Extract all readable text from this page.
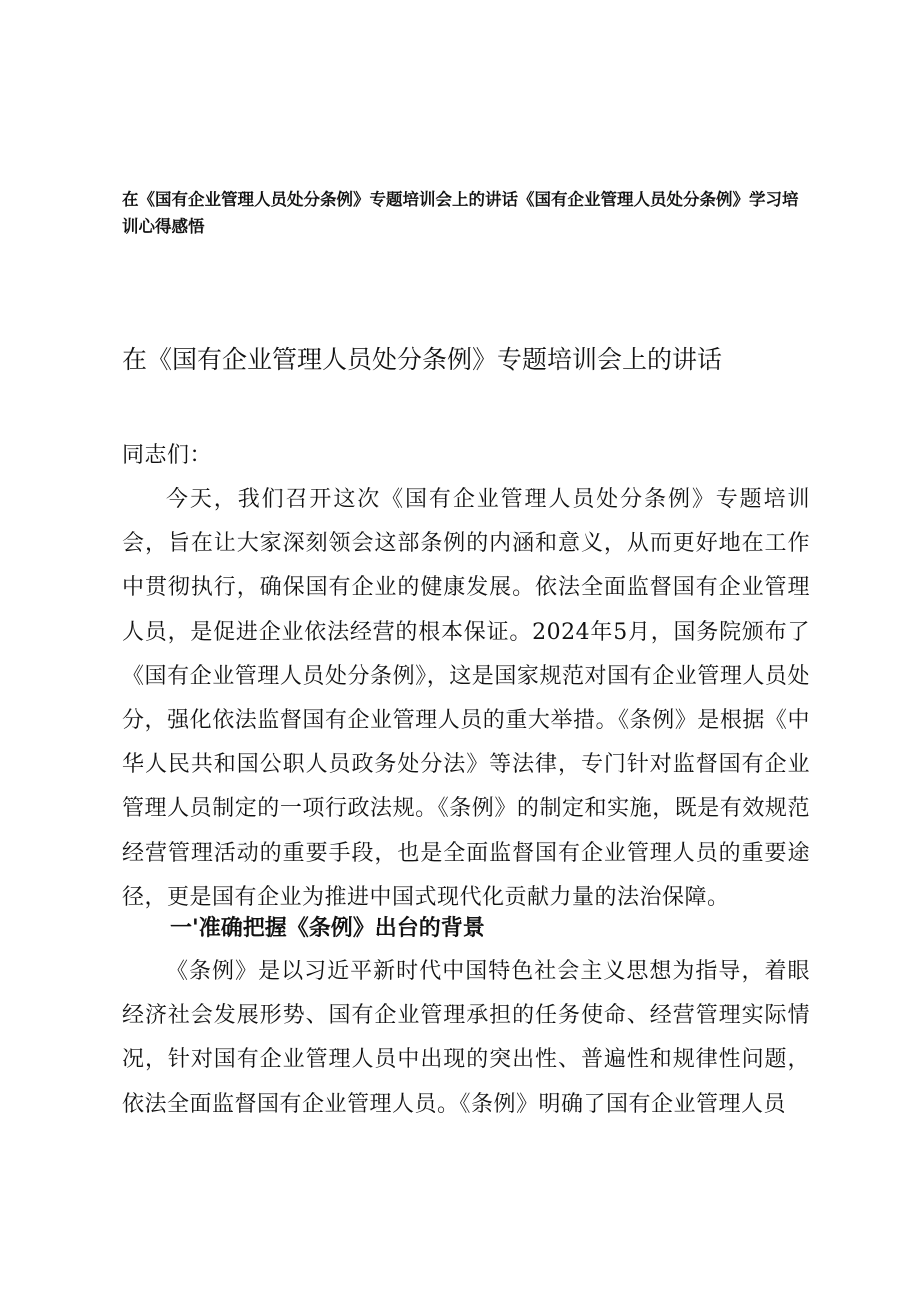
在《国有企业管理人员处分条例》专题培训会上的讲话《国有企业管理人员处分条例》学习培训心得感悟
在《国有企业管理人员处分条例》专题培训会上的讲话
同志们：
今天，我们召开这次《国有企业管理人员处分条例》专题培训会，旨在让大家深刻领会这部条例的内涵和意义，从而更好地在工作中贯彻执行，确保国有企业的健康发展。依法全面监督国有企业管理人员，是促进企业依法经营的根本保证。2024年5月，国务院颁布了《国有企业管理人员处分条例》，这是国家规范对国有企业管理人员处分，强化依法监督国有企业管理人员的重大举措。《条例》是根据《中华人民共和国公职人员政务处分法》等法律，专门针对监督国有企业管理人员制定的一项行政法规。《条例》的制定和实施，既是有效规范经营管理活动的重要手段，也是全面监督国有企业管理人员的重要途径，更是国有企业为推进中国式现代化贡献力量的法治保障。
一'准确把握《条例》出台的背景
《条例》是以习近平新时代中国特色社会主义思想为指导，着眼经济社会发展形势、国有企业管理承担的任务使命、经营管理实际情况，针对国有企业管理人员中出现的突出性、普遍性和规律性问题，依法全面监督国有企业管理人员。《条例》明确了国有企业管理人员
